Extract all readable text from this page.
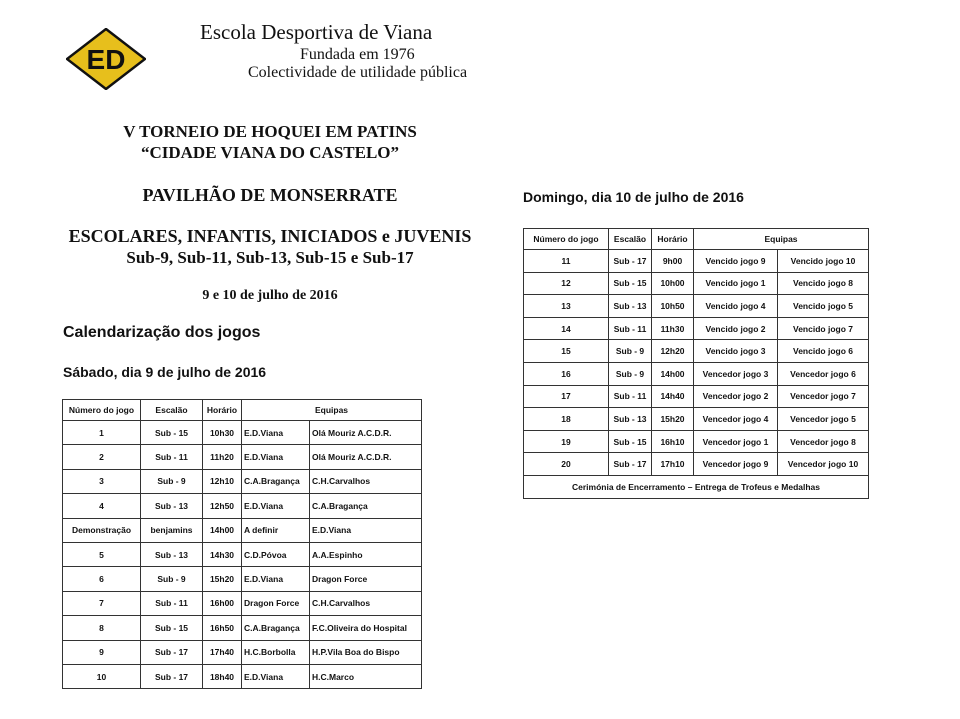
ED
Escola Desportiva de Viana
Fundada em 1976
Colectividade de utilidade pública
V TORNEIO DE HOQUEI EM PATINS
“CIDADE VIANA DO CASTELO”
PAVILHÃO DE MONSERRATE
ESCOLARES, INFANTIS, INICIADOS e JUVENIS
Sub-9, Sub-11, Sub-13, Sub-15 e Sub-17
9 e 10 de julho de 2016
Calendarização dos jogos
Sábado, dia 9 de julho de 2016
Domingo, dia 10 de julho de 2016
Número do jogo	Escalão	Horário	Equipas	
1	Sub - 15	10h30	E.D.Viana	Olá Mouriz A.C.D.R.
2	Sub - 11	11h20	E.D.Viana	Olá Mouriz A.C.D.R.
3	Sub - 9	12h10	C.A.Bragança	C.H.Carvalhos
4	Sub - 13	12h50	E.D.Viana	C.A.Bragança
Demonstração	benjamins	14h00	A definir	E.D.Viana
5	Sub - 13	14h30	C.D.Póvoa	A.A.Espinho
6	Sub - 9	15h20	E.D.Viana	Dragon Force
7	Sub - 11	16h00	Dragon Force	C.H.Carvalhos
8	Sub - 15	16h50	C.A.Bragança	F.C.Oliveira do Hospital
9	Sub - 17	17h40	H.C.Borbolla	H.P.Vila Boa do Bispo
10	Sub - 17	18h40	E.D.Viana	H.C.Marco
Número do jogo	Escalão	Horário	Equipas	
11	Sub - 17	9h00	Vencido jogo 9	Vencido jogo 10
12	Sub - 15	10h00	Vencido jogo 1	Vencido jogo 8
13	Sub - 13	10h50	Vencido jogo 4	Vencido jogo 5
14	Sub - 11	11h30	Vencido jogo 2	Vencido jogo 7
15	Sub - 9	12h20	Vencido jogo 3	Vencido jogo 6
16	Sub - 9	14h00	Vencedor jogo 3	Vencedor jogo 6
17	Sub - 11	14h40	Vencedor jogo 2	Vencedor jogo 7
18	Sub - 13	15h20	Vencedor jogo 4	Vencedor jogo 5
19	Sub - 15	16h10	Vencedor jogo 1	Vencedor jogo 8
20	Sub - 17	17h10	Vencedor jogo 9	Vencedor jogo 10
Cerimónia de Encerramento – Entrega de Trofeus e Medalhas				
